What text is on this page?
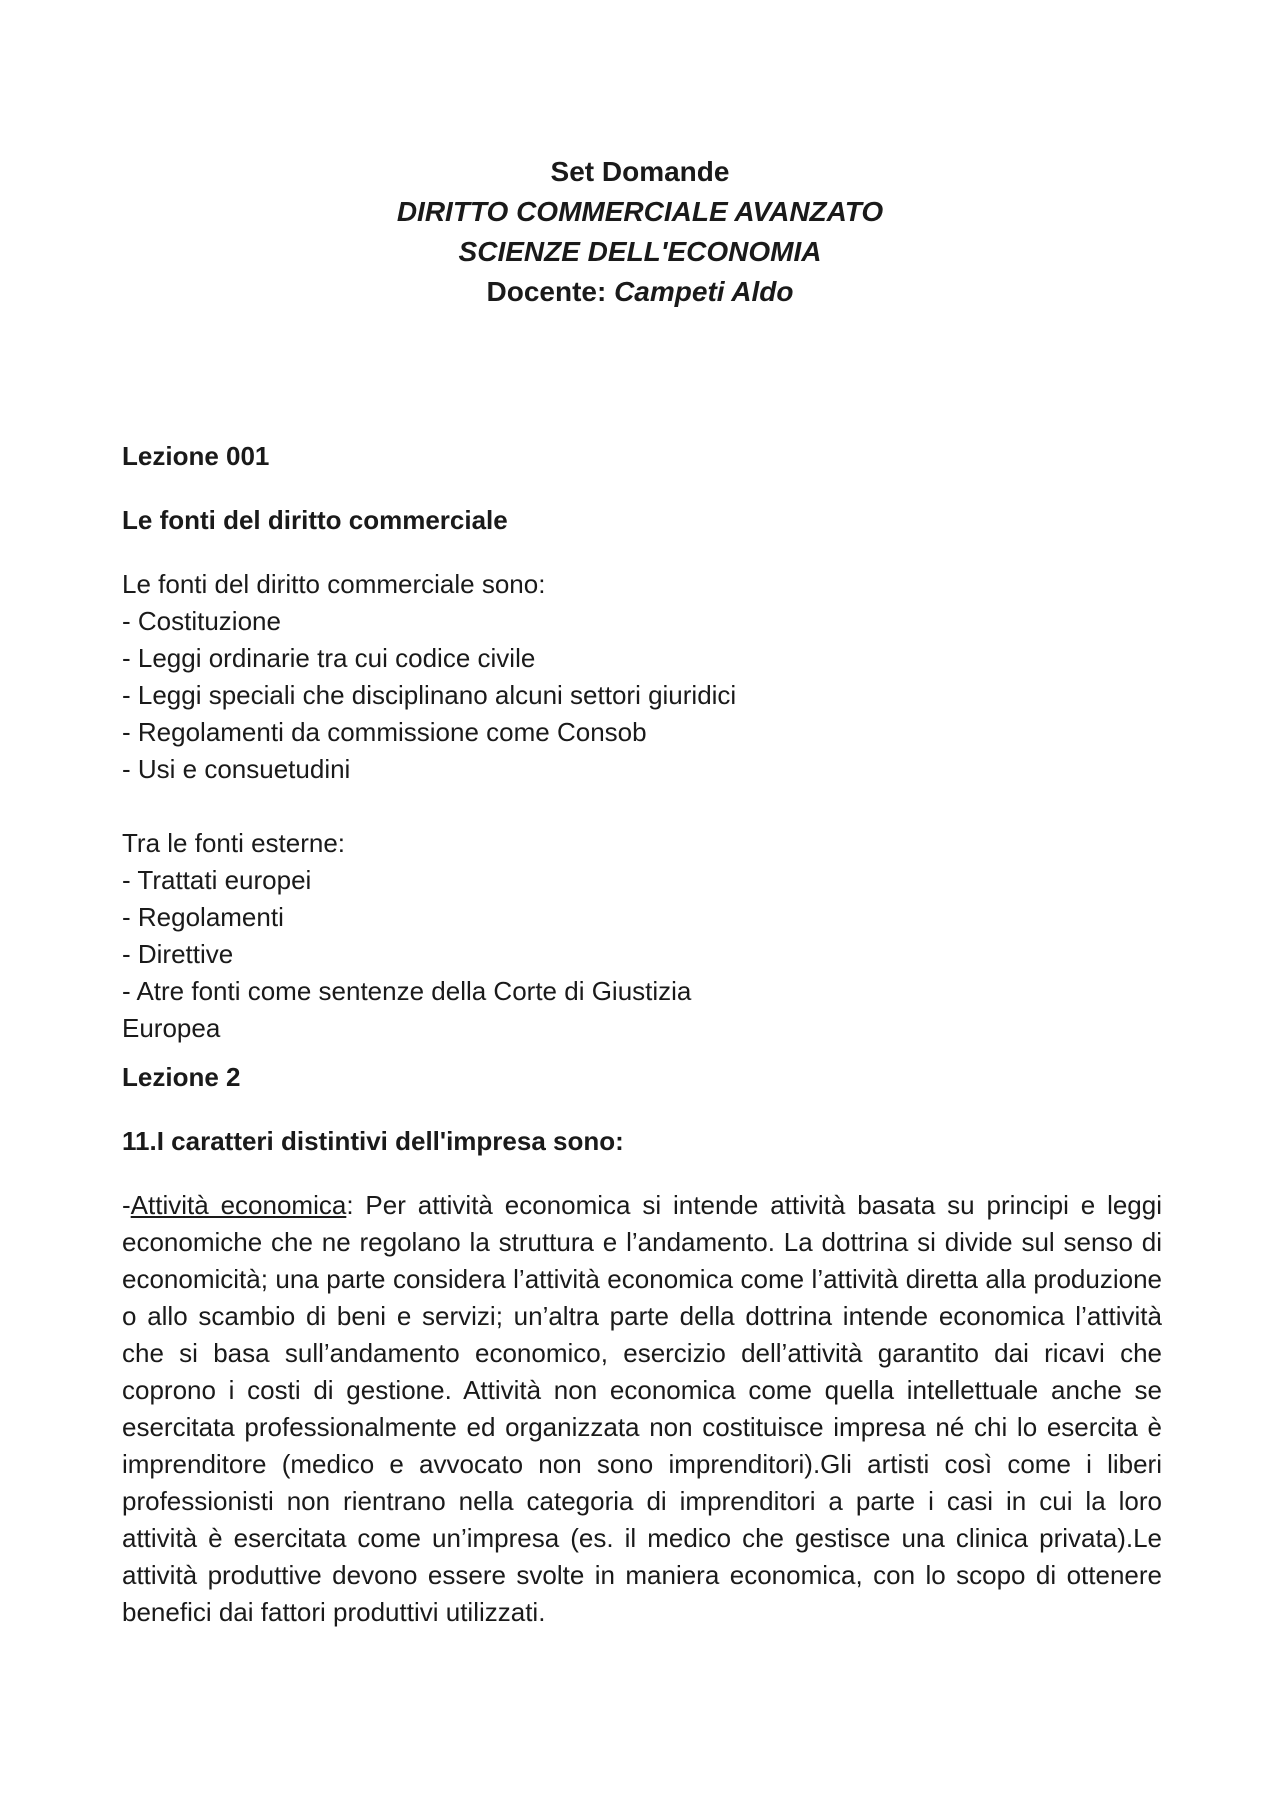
Set Domande
DIRITTO COMMERCIALE AVANZATO
SCIENZE DELL'ECONOMIA
Docente: Campeti Aldo

Lezione 001

Le fonti del diritto commerciale

Le fonti del diritto commerciale sono:

- Costituzione

- Leggi ordinarie tra cui codice civile

- Leggi speciali che disciplinano alcuni settori giuridici

- Regolamenti da commissione come Consob

- Usi e consuetudini

Tra le fonti esterne:

- Trattati europei

- Regolamenti

- Direttive

- Atre fonti come sentenze della Corte di Giustizia

Europea

Lezione 2

11.I caratteri distintivi dell'impresa sono:

-Attività economica: Per attività economica si intende attività basata su principi e leggi economiche che ne regolano la struttura e l’andamento. La dottrina si divide sul senso di economicità; una parte considera l’attività economica come l’attività diretta alla produzione o allo scambio di beni e servizi; un’altra parte della dottrina intende economica l’attività che si basa sull’andamento economico, esercizio dell’attività garantito dai ricavi che coprono i costi di gestione. Attività non economica come quella intellettuale anche se esercitata professionalmente ed organizzata non costituisce impresa né chi lo esercita è imprenditore (medico e avvocato non sono imprenditori).Gli artisti così come i liberi professionisti non rientrano nella categoria di imprenditori a parte i casi in cui la loro attività è esercitata come un’impresa (es. il medico che gestisce una clinica privata).Le attività produttive devono essere svolte in maniera economica, con lo scopo di ottenere benefici dai fattori produttivi utilizzati.
